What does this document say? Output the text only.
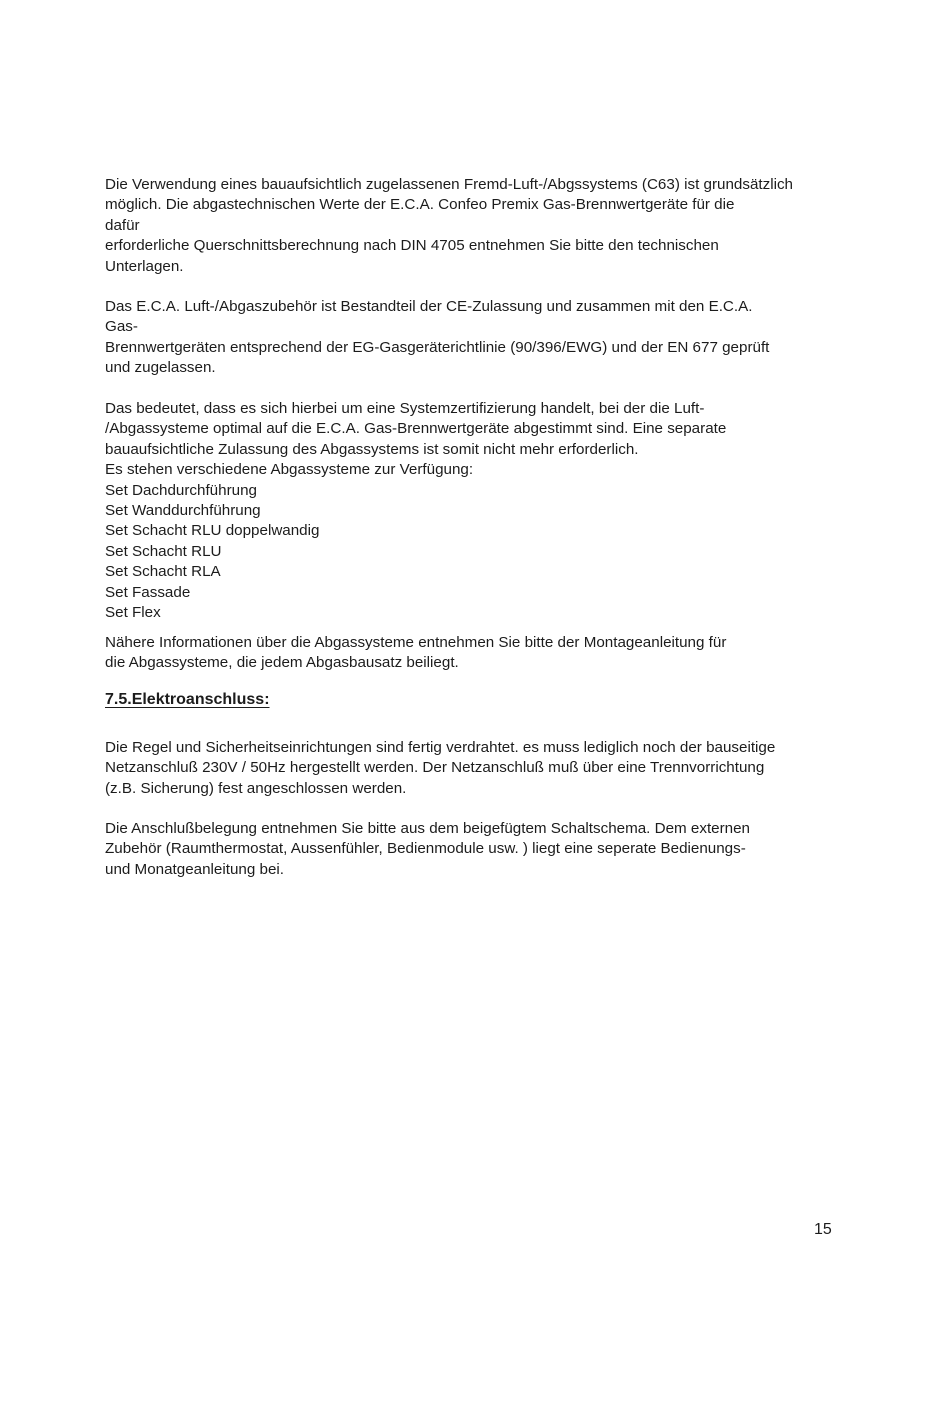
Die Verwendung eines bauaufsichtlich zugelassenen Fremd-Luft-/Abgssystems (C63) ist grundsätzlich
möglich. Die abgastechnischen Werte der E.C.A. Confeo Premix Gas-Brennwertgeräte für die
dafür
erforderliche Querschnittsberechnung nach DIN 4705 entnehmen Sie bitte den technischen
Unterlagen.
Das E.C.A. Luft-/Abgaszubehör ist Bestandteil der CE-Zulassung und zusammen mit den E.C.A.
Gas-
Brennwertgeräten entsprechend der EG-Gasgeräterichtlinie (90/396/EWG) und der EN 677 geprüft
und zugelassen.
Das bedeutet, dass es sich hierbei um eine Systemzertifizierung handelt, bei der die Luft-
/Abgassysteme optimal auf die E.C.A. Gas-Brennwertgeräte abgestimmt sind. Eine separate
bauaufsichtliche Zulassung des Abgassystems ist somit nicht mehr erforderlich.
Es stehen verschiedene Abgassysteme zur Verfügung:
Set Dachdurchführung
Set Wanddurchführung
Set Schacht RLU doppelwandig
Set Schacht RLU
Set Schacht RLA
Set Fassade
Set Flex
Nähere Informationen über die Abgassysteme entnehmen Sie bitte der Montageanleitung für
die Abgassysteme, die jedem Abgasbausatz beiliegt.
7.5.Elektroanschluss:
Die Regel und Sicherheitseinrichtungen sind fertig verdrahtet. es muss lediglich noch der bauseitige
Netzanschluß 230V / 50Hz hergestellt werden. Der Netzanschluß muß über eine Trennvorrichtung
(z.B. Sicherung) fest angeschlossen werden.
Die Anschlußbelegung entnehmen Sie bitte aus dem beigefügtem Schaltschema. Dem externen
Zubehör (Raumthermostat, Aussenfühler, Bedienmodule usw. ) liegt eine seperate Bedienungs-
und Monatgeanleitung bei.
15
